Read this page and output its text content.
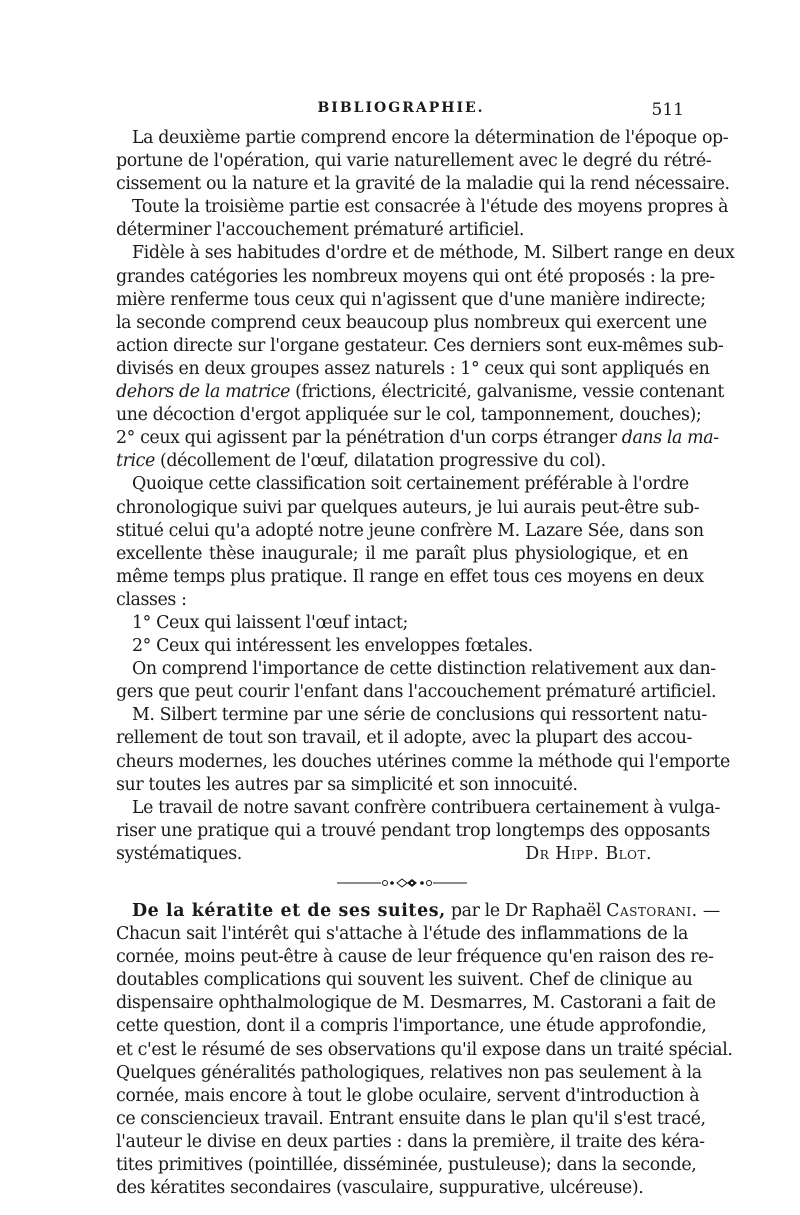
BIBLIOGRAPHIE.	511
La deuxième partie comprend encore la détermination de l'époque op-
portune de l'opération, qui varie naturellement avec le degré du rétré-
cissement ou la nature et la gravité de la maladie qui la rend nécessaire.
Toute la troisième partie est consacrée à l'étude des moyens propres à
déterminer l'accouchement prématuré artificiel.
Fidèle à ses habitudes d'ordre et de méthode, M. Silbert range en deux
grandes catégories les nombreux moyens qui ont été proposés : la pre-
mière renferme tous ceux qui n'agissent que d'une manière indirecte;
la seconde comprend ceux beaucoup plus nombreux qui exercent une
action directe sur l'organe gestateur. Ces derniers sont eux-mêmes sub-
divisés en deux groupes assez naturels : 1° ceux qui sont appliqués en
dehors de la matrice (frictions, électricité, galvanisme, vessie contenant
une décoction d'ergot appliquée sur le col, tamponnement, douches);
2° ceux qui agissent par la pénétration d'un corps étranger dans la ma-
trice (décollement de l'œuf, dilatation progressive du col).
Quoique cette classification soit certainement préférable à l'ordre
chronologique suivi par quelques auteurs, je lui aurais peut-être sub-
stitué celui qu'a adopté notre jeune confrère M. Lazare Sée, dans son
excellente thèse inaugurale; il me paraît plus physiologique, et en
même temps plus pratique. Il range en effet tous ces moyens en deux
classes :
1° Ceux qui laissent l'œuf intact;
2° Ceux qui intéressent les enveloppes fœtales.
On comprend l'importance de cette distinction relativement aux dan-
gers que peut courir l'enfant dans l'accouchement prématuré artificiel.
M. Silbert termine par une série de conclusions qui ressortent natu-
rellement de tout son travail, et il adopte, avec la plupart des accou-
cheurs modernes, les douches utérines comme la méthode qui l'emporte
sur toutes les autres par sa simplicité et son innocuité.
Le travail de notre savant confrère contribuera certainement à vulga-
riser une pratique qui a trouvé pendant trop longtemps des opposants
systématiques.	Dr Hipp. Blot.
De la kératite et de ses suites, par le Dr Raphaël Castorani. —
Chacun sait l'intérêt qui s'attache à l'étude des inflammations de la
cornée, moins peut-être à cause de leur fréquence qu'en raison des re-
doutables complications qui souvent les suivent. Chef de clinique au
dispensaire ophthalmologique de M. Desmarres, M. Castorani a fait de
cette question, dont il a compris l'importance, une étude approfondie,
et c'est le résumé de ses observations qu'il expose dans un traité spécial.
Quelques généralités pathologiques, relatives non pas seulement à la
cornée, mais encore à tout le globe oculaire, servent d'introduction à
ce consciencieux travail. Entrant ensuite dans le plan qu'il s'est tracé,
l'auteur le divise en deux parties : dans la première, il traite des kéra-
tites primitives (pointillée, disséminée, pustuleuse); dans la seconde,
des kératites secondaires (vasculaire, suppurative, ulcéreuse).
